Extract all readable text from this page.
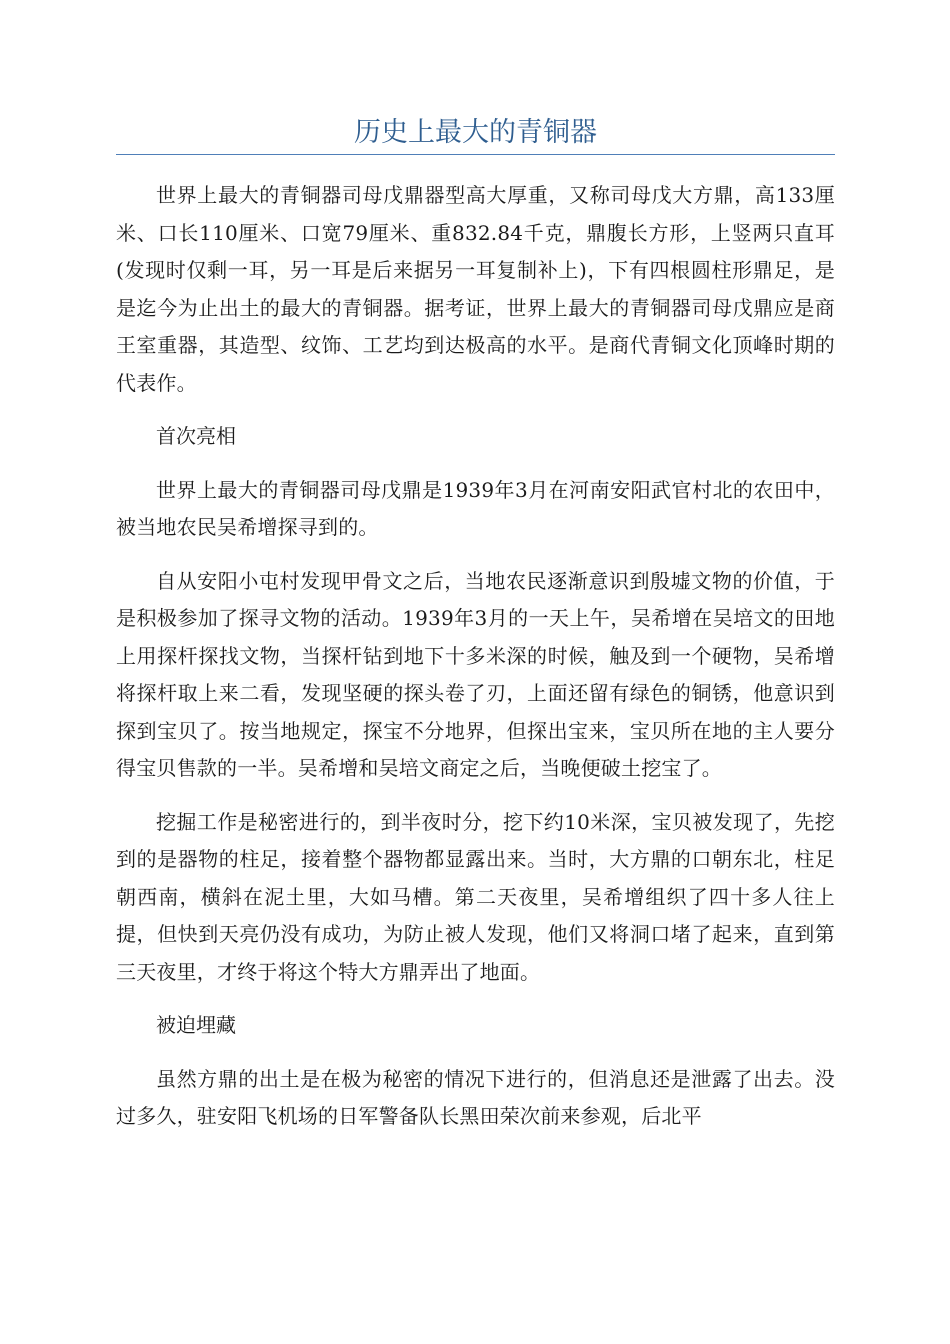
历史上最大的青铜器

世界上最大的青铜器司母戊鼎器型高大厚重，又称司母戊大方鼎，高133厘米、口长110厘米、口宽79厘米、重832.84千克，鼎腹长方形，上竖两只直耳(发现时仅剩一耳，另一耳是后来据另一耳复制补上)，下有四根圆柱形鼎足，是是迄今为止出土的最大的青铜器。据考证，世界上最大的青铜器司母戊鼎应是商王室重器，其造型、纹饰、工艺均到达极高的水平。是商代青铜文化顶峰时期的代表作。

首次亮相

世界上最大的青铜器司母戊鼎是1939年3月在河南安阳武官村北的农田中，被当地农民吴希增探寻到的。

自从安阳小屯村发现甲骨文之后，当地农民逐渐意识到殷墟文物的价值，于是积极参加了探寻文物的活动。1939年3月的一天上午，吴希增在吴培文的田地上用探杆探找文物，当探杆钻到地下十多米深的时候，触及到一个硬物，吴希增将探杆取上来二看，发现坚硬的探头卷了刃，上面还留有绿色的铜锈，他意识到探到宝贝了。按当地规定，探宝不分地界，但探出宝来，宝贝所在地的主人要分得宝贝售款的一半。吴希增和吴培文商定之后，当晚便破土挖宝了。

挖掘工作是秘密进行的，到半夜时分，挖下约10米深，宝贝被发现了，先挖到的是器物的柱足，接着整个器物都显露出来。当时，大方鼎的口朝东北，柱足朝西南，横斜在泥土里，大如马槽。第二天夜里，吴希增组织了四十多人往上提，但快到天亮仍没有成功，为防止被人发现，他们又将洞口堵了起来，直到第三天夜里，才终于将这个特大方鼎弄出了地面。

被迫埋藏

虽然方鼎的出土是在极为秘密的情况下进行的，但消息还是泄露了出去。没过多久，驻安阳飞机场的日军警备队长黑田荣次前来参观，后北平
